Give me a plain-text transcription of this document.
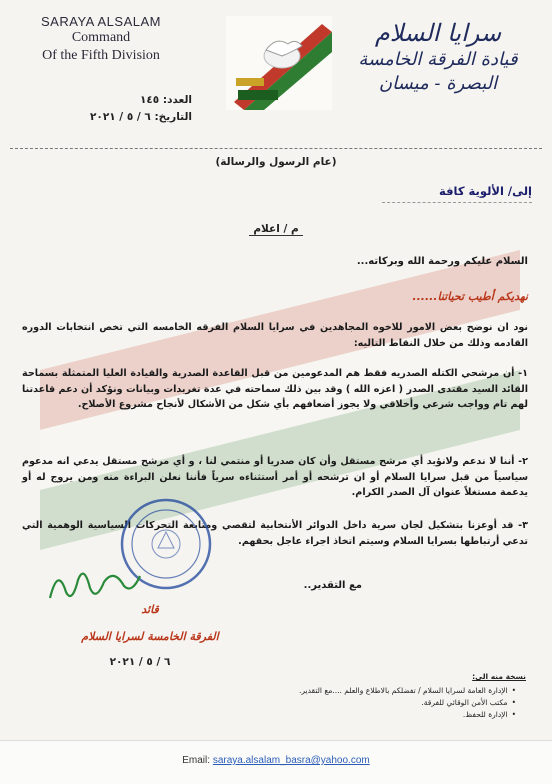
SARAYA ALSALAM
Command
Of the Fifth Division
العدد: ١٤٥
التاريخ: ٦ / ٥ / ٢٠٢١
سرايا السلام
قيادة الفرقة الخامسة
البصرة - ميسان
(عام الرسول والرسالة)
إلى/ الألوية كافة
م / اعلام
السلام عليكم ورحمة الله وبركاته...
نهديكم أطيب تحياتنا......
نود ان نوضح بعض الامور للاخوه المجاهدين في سرايا السلام الفرقه الخامسه التي تخص انتخابات الدوره القادمه وذلك من خلال النقاط التاليه:
١- أن مرشحي الكتله الصدريه فقط هم المدعومين من قبل القاعدة الصدرية والقيادة العليا المتمثلة بسماحة القائد السيد مقتدى الصدر ( اعزه الله ) وقد بين ذلك سماحته في عدة تغريدات وبيانات ونؤكد أن دعم قاعدتنا لهم تام وواجب شرعي وأخلاقي ولا يجوز أضعافهم بأي شكل من الأشكال لأنجاح مشروع الأصلاح.
٢- أننا لا ندعم ولانؤيد أي مرشح مستقل وأن كان صدريا أو منتمي لنا ، و أي مرشح مستقل يدعي انه مدعوم سياسياً من قبل سرايا السلام أو ان ترشحه أو أمر أستثناءه سرياً فأننا نعلن البراءة منه ومن يروج له أو يدعمة مستغلاً عنوان آل الصدر الكرام.
٣- قد أوعزنا بتشكيل لجان سرية داخل الدوائر الأنتخابية لتقصي ومتابعة التحركات السياسية الوهمية التي تدعي أرتباطها بسرايا السلام وسيتم اتخاذ اجراء عاجل بحقهم.
مع التقدير..
قائد
الفرقة الخامسة لسرايا السلام
٦ / ٥ / ٢٠٢١
نسخة منه الى:
• الإدارة العامة لسرايا السلام / تفضلكم بالاطلاع والعلم ....مع التقدير.
• مكتب الأمن الوقائي للفرقة.
• الإدارة للحفظ.
Email: saraya.alsalam_basra@yahoo.com
